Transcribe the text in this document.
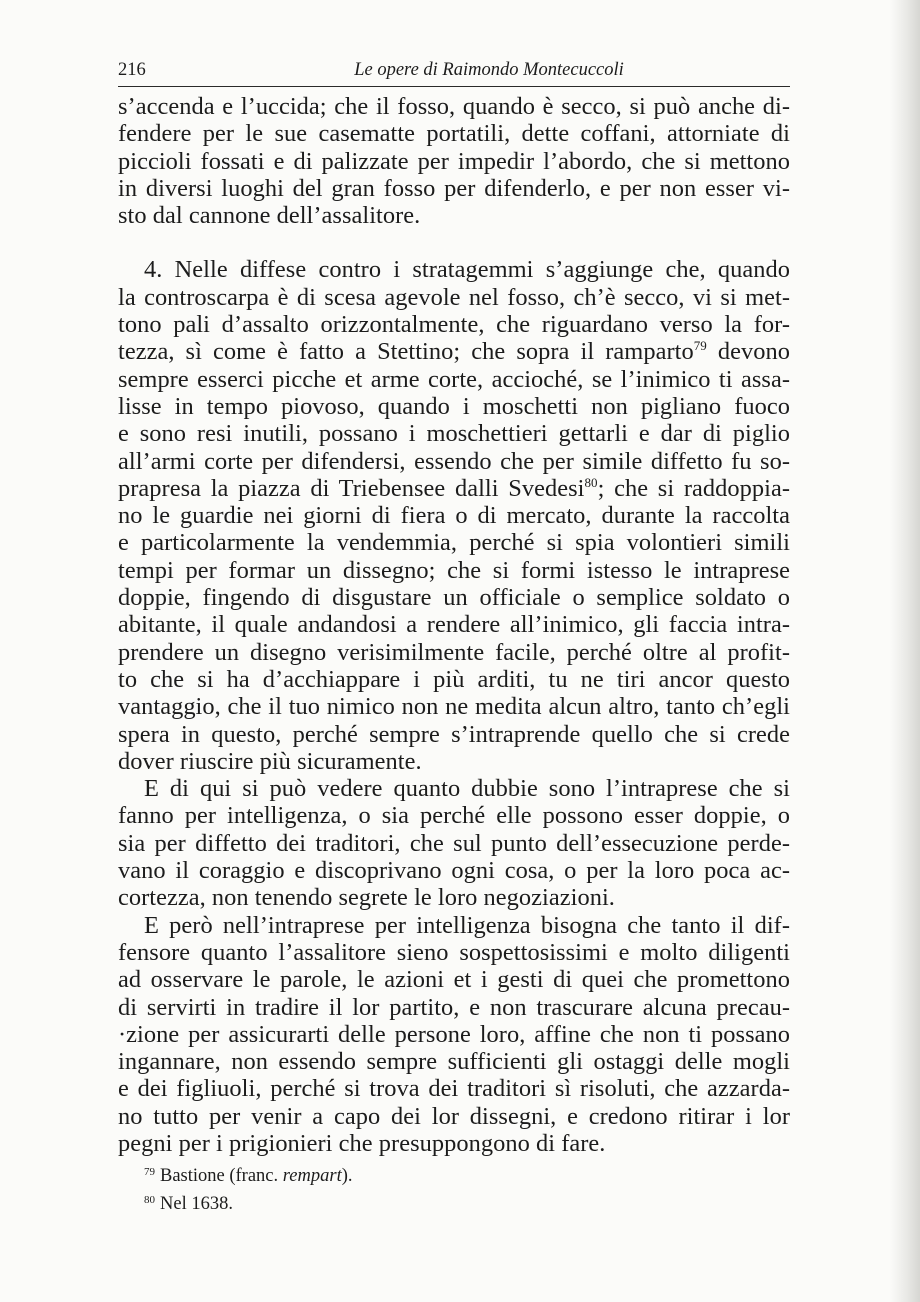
216	Le opere di Raimondo Montecuccoli

s’accenda e l’uccida; che il fosso, quando è secco, si può anche di-
fendere per le sue casematte portatili, dette coffani, attorniate di
piccioli fossati e di palizzate per impedir l’abordo, che si mettono
in diversi luoghi del gran fosso per difenderlo, e per non esser vi-
sto dal cannone dell’assalitore.

4. Nelle diffese contro i stratagemmi s’aggiunge che, quando
la controscarpa è di scesa agevole nel fosso, ch’è secco, vi si met-
tono pali d’assalto orizzontalmente, che riguardano verso la for-
tezza, sì come è fatto a Stettino; che sopra il ramparto$^{79}$ devono
sempre esserci picche et arme corte, accioché, se l’inimico ti assa-
lisse in tempo piovoso, quando i moschetti non pigliano fuoco
e sono resi inutili, possano i moschettieri gettarli e dar di piglio
all’armi corte per difendersi, essendo che per simile diffetto fu so-
prapresa la piazza di Triebensee dalli Svedesi$^{80}$; che si raddoppia-
no le guardie nei giorni di fiera o di mercato, durante la raccolta
e particolarmente la vendemmia, perché si spia volontieri simili
tempi per formar un dissegno; che si formi istesso le intraprese
doppie, fingendo di disgustare un officiale o semplice soldato o
abitante, il quale andandosi a rendere all’inimico, gli faccia intra-
prendere un disegno verisimilmente facile, perché oltre al profit-
to che si ha d’acchiappare i più arditi, tu ne tiri ancor questo
vantaggio, che il tuo nimico non ne medita alcun altro, tanto ch’egli
spera in questo, perché sempre s’intraprende quello che si crede
dover riuscire più sicuramente.

E di qui si può vedere quanto dubbie sono l’intraprese che si
fanno per intelligenza, o sia perché elle possono esser doppie, o
sia per diffetto dei traditori, che sul punto dell’essecuzione perde-
vano il coraggio e discoprivano ogni cosa, o per la loro poca ac-
cortezza, non tenendo segrete le loro negoziazioni.

E però nell’intraprese per intelligenza bisogna che tanto il dif-
fensore quanto l’assalitore sieno sospettosissimi e molto diligenti
ad osservare le parole, le azioni et i gesti di quei che promettono
di servirti in tradire il lor partito, e non trascurare alcuna precau-
·zione per assicurarti delle persone loro, affine che non ti possano
ingannare, non essendo sempre sufficienti gli ostaggi delle mogli
e dei figliuoli, perché si trova dei traditori sì risoluti, che azzarda-
no tutto per venir a capo dei lor dissegni, e credono ritirar i lor
pegni per i prigionieri che presuppongono di fare.

$^{79}$ Bastione (franc. rempart).
$^{80}$ Nel 1638.
